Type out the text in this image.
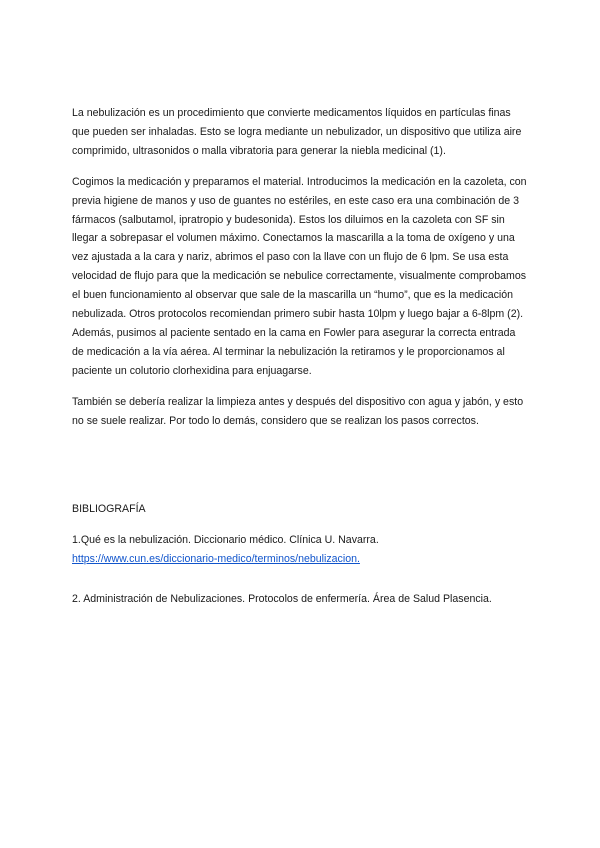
La nebulización es un procedimiento que convierte medicamentos líquidos en partículas finas que pueden ser inhaladas. Esto se logra mediante un nebulizador, un dispositivo que utiliza aire comprimido, ultrasonidos o malla vibratoria para generar la niebla medicinal (1).

Cogimos la medicación y preparamos el material. Introducimos la medicación en la cazoleta, con previa higiene de manos y uso de guantes no estériles, en este caso era una combinación de 3 fármacos (salbutamol, ipratropio y budesonida). Estos los diluimos en la cazoleta con SF sin llegar a sobrepasar el volumen máximo. Conectamos la mascarilla a la toma de oxígeno y una vez ajustada a la cara y nariz, abrimos el paso con la llave con un flujo de 6 lpm. Se usa esta velocidad de flujo para que la medicación se nebulice correctamente, visualmente comprobamos el buen funcionamiento al observar que sale de la mascarilla un “humo”, que es la medicación nebulizada. Otros protocolos recomiendan primero subir hasta 10lpm y luego bajar a 6-8lpm (2). Además, pusimos al paciente sentado en la cama en Fowler para asegurar la correcta entrada de medicación a la vía aérea. Al terminar la nebulización la retiramos y le proporcionamos al paciente un colutorio clorhexidina para enjuagarse.

También se debería realizar la limpieza antes y después del dispositivo con agua y jabón, y esto no se suele realizar. Por todo lo demás, considero que se realizan los pasos correctos.

BIBLIOGRAFÍA

1.Qué es la nebulización. Diccionario médico. Clínica U. Navarra.
https://www.cun.es/diccionario-medico/terminos/nebulizacion.

2. Administración de Nebulizaciones. Protocolos de enfermería. Área de Salud Plasencia.
